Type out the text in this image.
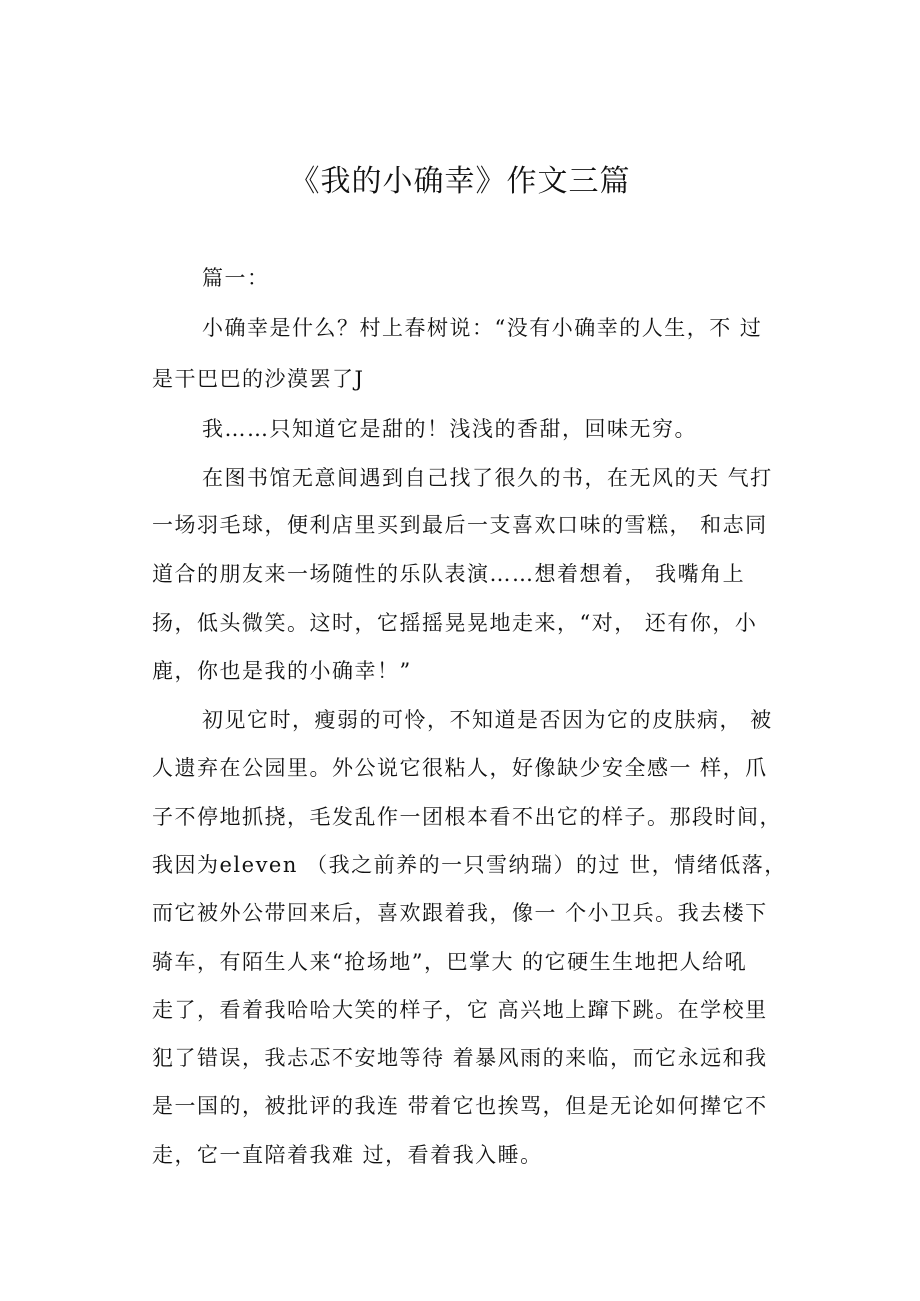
《我的小确幸》作文三篇
篇一：
小确幸是什么？村上春树说：“没有小确幸的人生，不 过
是干巴巴的沙漠罢了J
我……只知道它是甜的！浅浅的香甜，回味无穷。
在图书馆无意间遇到自己找了很久的书，在无风的天 气打
一场羽毛球，便利店里买到最后一支喜欢口味的雪糕， 和志同
道合的朋友来一场随性的乐队表演……想着想着， 我嘴角上
扬，低头微笑。这时，它摇摇晃晃地走来，“对， 还有你，小
鹿，你也是我的小确幸！”
初见它时，瘦弱的可怜，不知道是否因为它的皮肤病， 被
人遗弃在公园里。外公说它很粘人，好像缺少安全感一 样，爪
子不停地抓挠，毛发乱作一团根本看不出它的样子。那段时间，
我因为eleven （我之前养的一只雪纳瑞）的过 世，情绪低落，
而它被外公带回来后，喜欢跟着我，像一 个小卫兵。我去楼下
骑车，有陌生人来“抢场地”，巴掌大 的它硬生生地把人给吼
走了，看着我哈哈大笑的样子，它 高兴地上蹿下跳。在学校里
犯了错误，我忐忑不安地等待 着暴风雨的来临，而它永远和我
是一国的，被批评的我连 带着它也挨骂，但是无论如何撵它不
走，它一直陪着我难 过，看着我入睡。
